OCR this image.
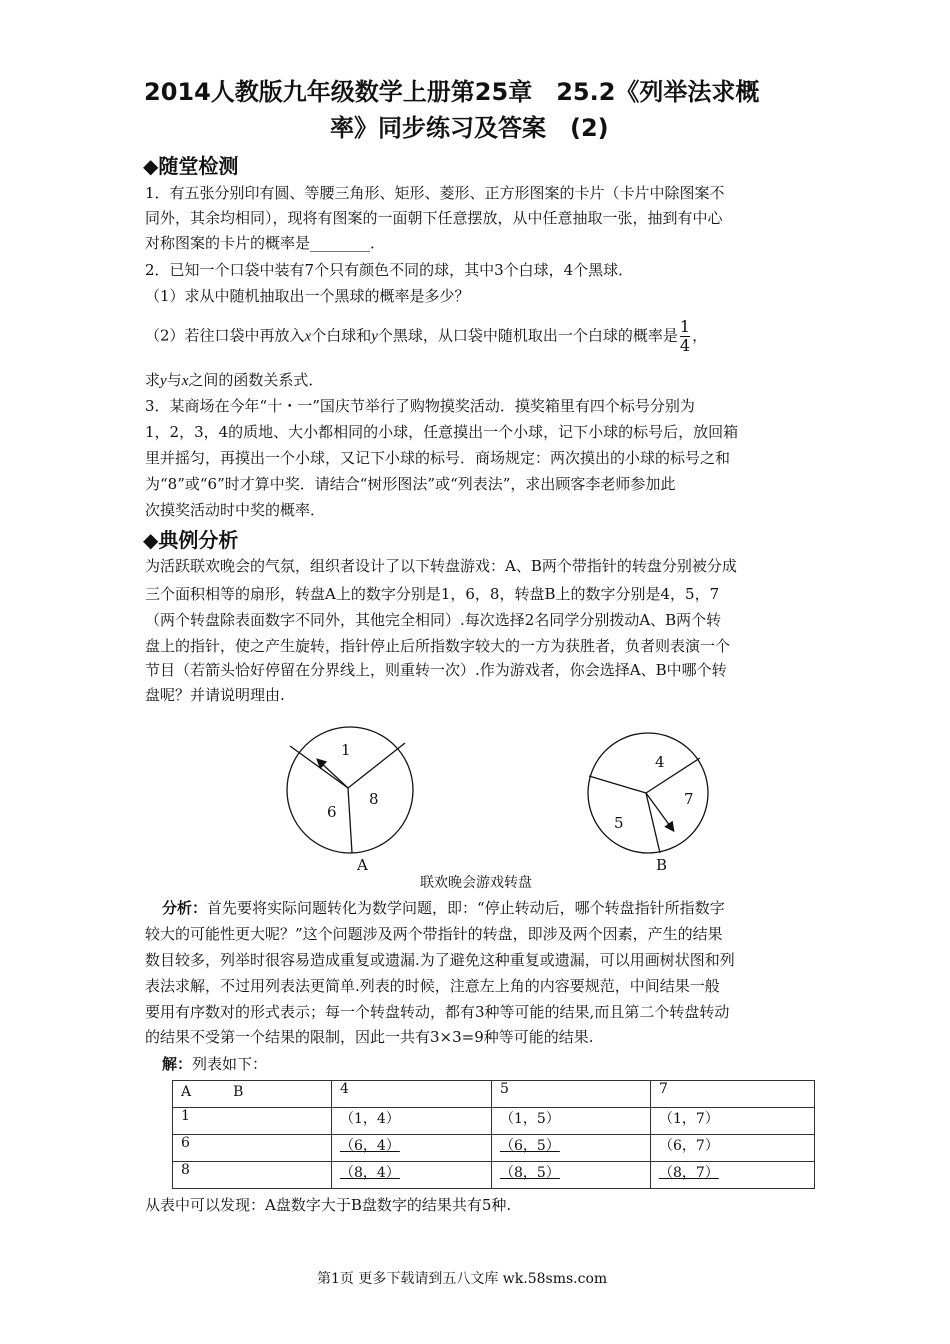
2014人教版九年级数学上册第25章　25.2《列举法求概
率》同步练习及答案　(2)
◆随堂检测
1．有五张分别印有圆、等腰三角形、矩形、菱形、正方形图案的卡片（卡片中除图案不
同外，其余均相同），现将有图案的一面朝下任意摆放，从中任意抽取一张，抽到有中心
对称图案的卡片的概率是________．
2．已知一个口袋中装有7个只有颜色不同的球，其中3个白球，4个黑球．
（1）求从中随机抽取出一个黑球的概率是多少？
（2）若往口袋中再放入x个白球和y个黑球，从口袋中随机取出一个白球的概率是 $\frac{1}{4}$ ，
求y与x之间的函数关系式．
3．某商场在今年“十・一”国庆节举行了购物摸奖活动．摸奖箱里有四个标号分别为
1，2，3，4的质地、大小都相同的小球，任意摸出一个小球，记下小球的标号后，放回箱
里并摇匀，再摸出一个小球，又记下小球的标号．商场规定：两次摸出的小球的标号之和
为“8”或“6”时才算中奖．请结合“树形图法”或“列表法”，求出顾客李老师参加此
次摸奖活动时中奖的概率．
◆典例分析
为活跃联欢晚会的气氛，组织者设计了以下转盘游戏：A、B两个带指针的转盘分别被分成
三个面积相等的扇形，转盘A上的数字分别是1，6，8，转盘B上的数字分别是4，5，7
（两个转盘除表面数字不同外，其他完全相同）.每次选择2名同学分别拨动A、B两个转
盘上的指针，使之产生旋转，指针停止后所指数字较大的一方为获胜者，负者则表演一个
节目（若箭头恰好停留在分界线上，则重转一次）.作为游戏者，你会选择A、B中哪个转
盘呢？并请说明理由.
1
6
8
4
7
5
A	B
联欢晚会游戏转盘
分析：首先要将实际问题转化为数学问题，即：“停止转动后，哪个转盘指针所指数字
较大的可能性更大呢？”这个问题涉及两个带指针的转盘，即涉及两个因素，产生的结果
数目较多，列举时很容易造成重复或遗漏.为了避免这种重复或遗漏，可以用画树状图和列
表法求解，不过用列表法更简单.列表的时候，注意左上角的内容要规范，中间结果一般
要用有序数对的形式表示；每一个转盘转动，都有3种等可能的结果,而且第二个转盘转动
的结果不受第一个结果的限制，因此一共有3×3=9种等可能的结果.
解：列表如下：
A　　　B	4	5	7
1	（1，4）	（1，5）	（1，7）
6	（6，4）	（6，5）	（6，7）
8	（8，4）	（8，5）	（8，7）
从表中可以发现：A盘数字大于B盘数字的结果共有5种.
第1页 更多下载请到五八文库 wk.58sms.com
